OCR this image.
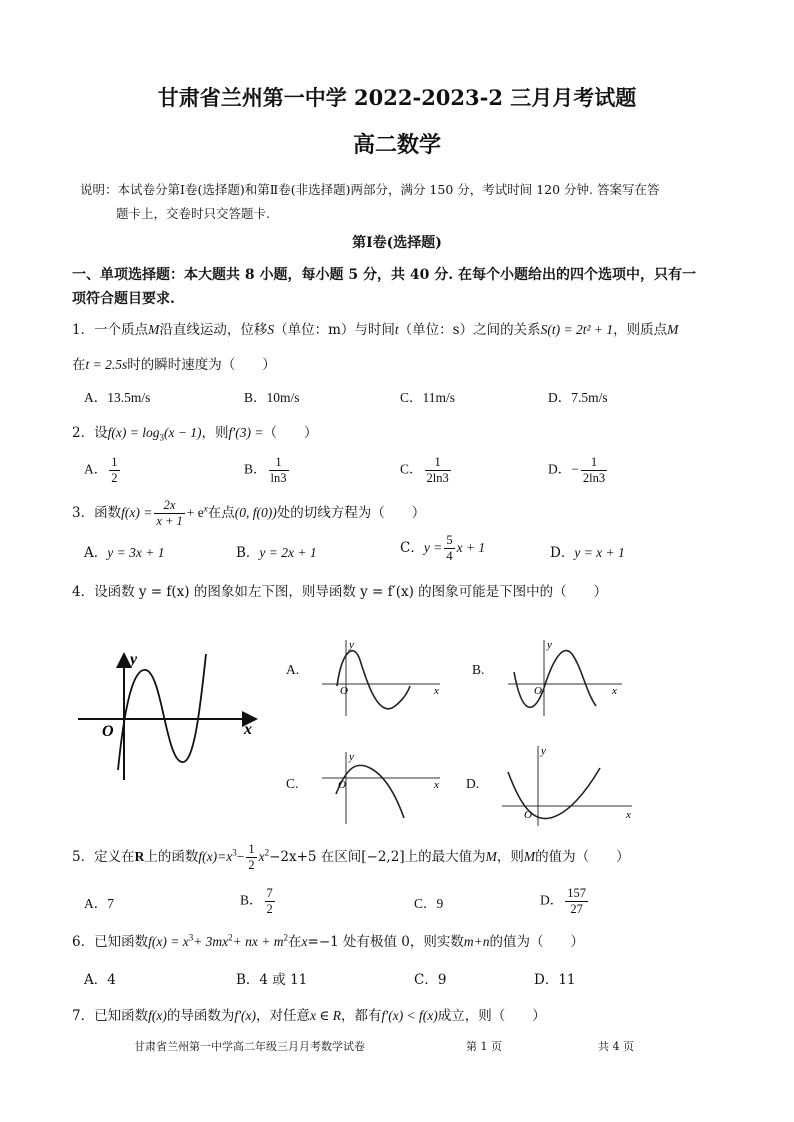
甘肃省兰州第一中学 2022-2023-2 三月月考试题
高二数学
说明：本试卷分第Ⅰ卷(选择题)和第Ⅱ卷(非选择题)两部分，满分 150 分，考试时间 120 分钟. 答案写在答
题卡上，交卷时只交答题卡.
第Ⅰ卷(选择题)
一、单项选择题：本大题共 8 小题，每小题 5 分，共 40 分. 在每个小题给出的四个选项中，只有一
项符合题目要求.
1．一个质点M沿直线运动，位移S（单位：m）与时间t（单位：s）之间的关系S(t) = 2t² + 1，则质点M
在t = 2.5s时的瞬时速度为（　　）
A．13.5m/s	B．10m/s	C．11m/s	D．7.5m/s
2．设$f(x) = \log_3(x - 1)$，则f′(3) =（　　）
A． $\frac{1}{2}$	B． $\frac{1}{\ln 3}$	C． $\frac{1}{2\ln 3}$	D．− $\frac{1}{2\ln 3}$
3．函数$f(x) = \frac{2x}{x + 1} + e^x$在点(0, f(0))处的切线方程为（　　）
A．y = 3x + 1	B．y = 2x + 1	C．$y = \frac{5}{4}$ x + 1	D．y = x + 1
4．设函数 y = f(x) 的图象如左下图，则导函数 y = f′(x) 的图象可能是下图中的（　　）
y
x
O
A.
y
x
O
B.
y
x
O
C.
y
x
O	D.
y
x
O
5．定义在R上的函数$f(x)=x^3- \frac{1}{2} x^2-2x+5$ 在区间[−2,2]上的最大值为M，则M的值为（　　）
A．7	B． $\frac{7}{2}$	C．9	D． $\frac{157}{27}$
6．已知函数$f(x) = x^3+ 3mx^2+$ nx + $m^2$在x=−1 处有极值 0，则实数m+n的值为（　　）
A．4	B．4 或 11	C．9	D．11
7．已知函数f(x)的导函数为f′(x)，对任意x ∈ R，都有f′(x) < f(x)成立，则（　　）
甘肃省兰州第一中学高二年级三月月考数学试卷	第 1 页	共 4 页
